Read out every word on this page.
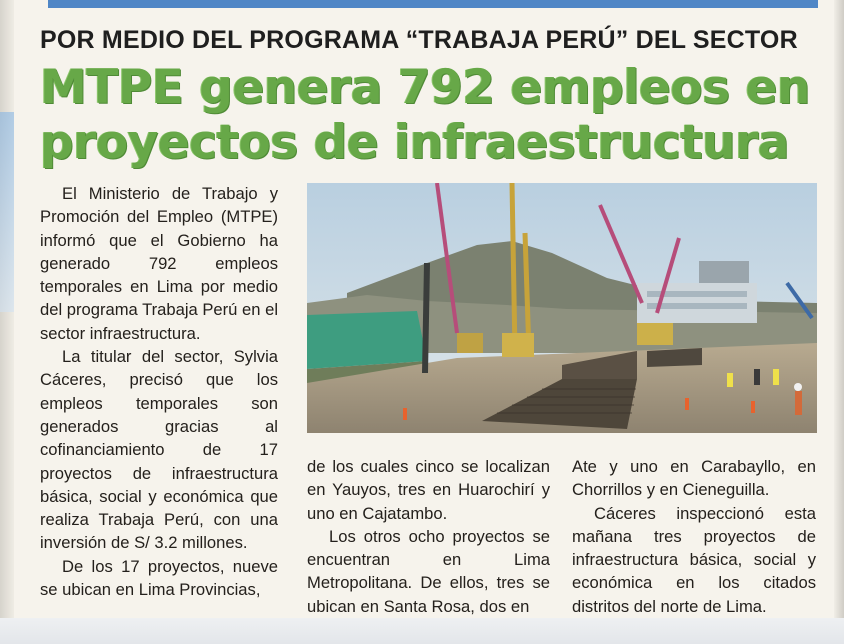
POR MEDIO DEL PROGRAMA “TRABAJA PERÚ” DEL SECTOR
MTPE genera 792 empleos en
proyectos de infraestructura

El Ministerio de Trabajo y Promoción del Empleo (MTPE) informó que el Gobierno ha generado 792 empleos temporales en Lima por medio del programa Trabaja Perú en el sector infraestructura.

La titular del sector, Sylvia Cáceres, precisó que los empleos temporales son generados gracias al cofinanciamiento de 17 proyectos de infraestructura básica, social y económica que realiza Trabaja Perú, con una inversión de S/ 3.2 millones.

De los 17 proyectos, nueve se ubican en Lima Provincias,

de los cuales cinco se localizan en Yauyos, tres en Huarochirí y uno en Cajatambo.

Los otros ocho proyectos se encuentran en Lima Metropolitana. De ellos, tres se ubican en Santa Rosa, dos en

Ate y uno en Carabayllo, en Chorrillos y en Cieneguilla.

Cáceres inspeccionó esta mañana tres proyectos de infraestructura básica, social y económica en los citados distritos del norte de Lima.
